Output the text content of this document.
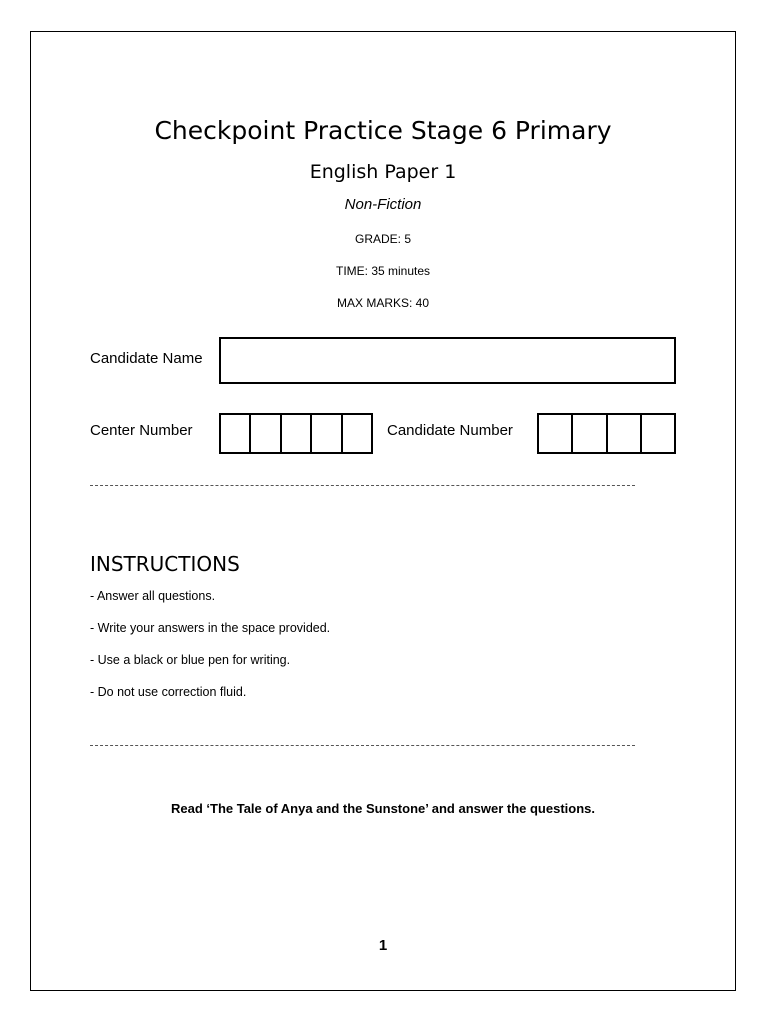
Checkpoint Practice Stage 6 Primary
English Paper 1
Non-Fiction
GRADE: 5
TIME: 35 minutes
MAX MARKS: 40
Candidate Name
Center Number	Candidate Number
INSTRUCTIONS
- Answer all questions.
- Write your answers in the space provided.
- Use a black or blue pen for writing.
- Do not use correction fluid.
Read ‘The Tale of Anya and the Sunstone’ and answer the questions.
1
